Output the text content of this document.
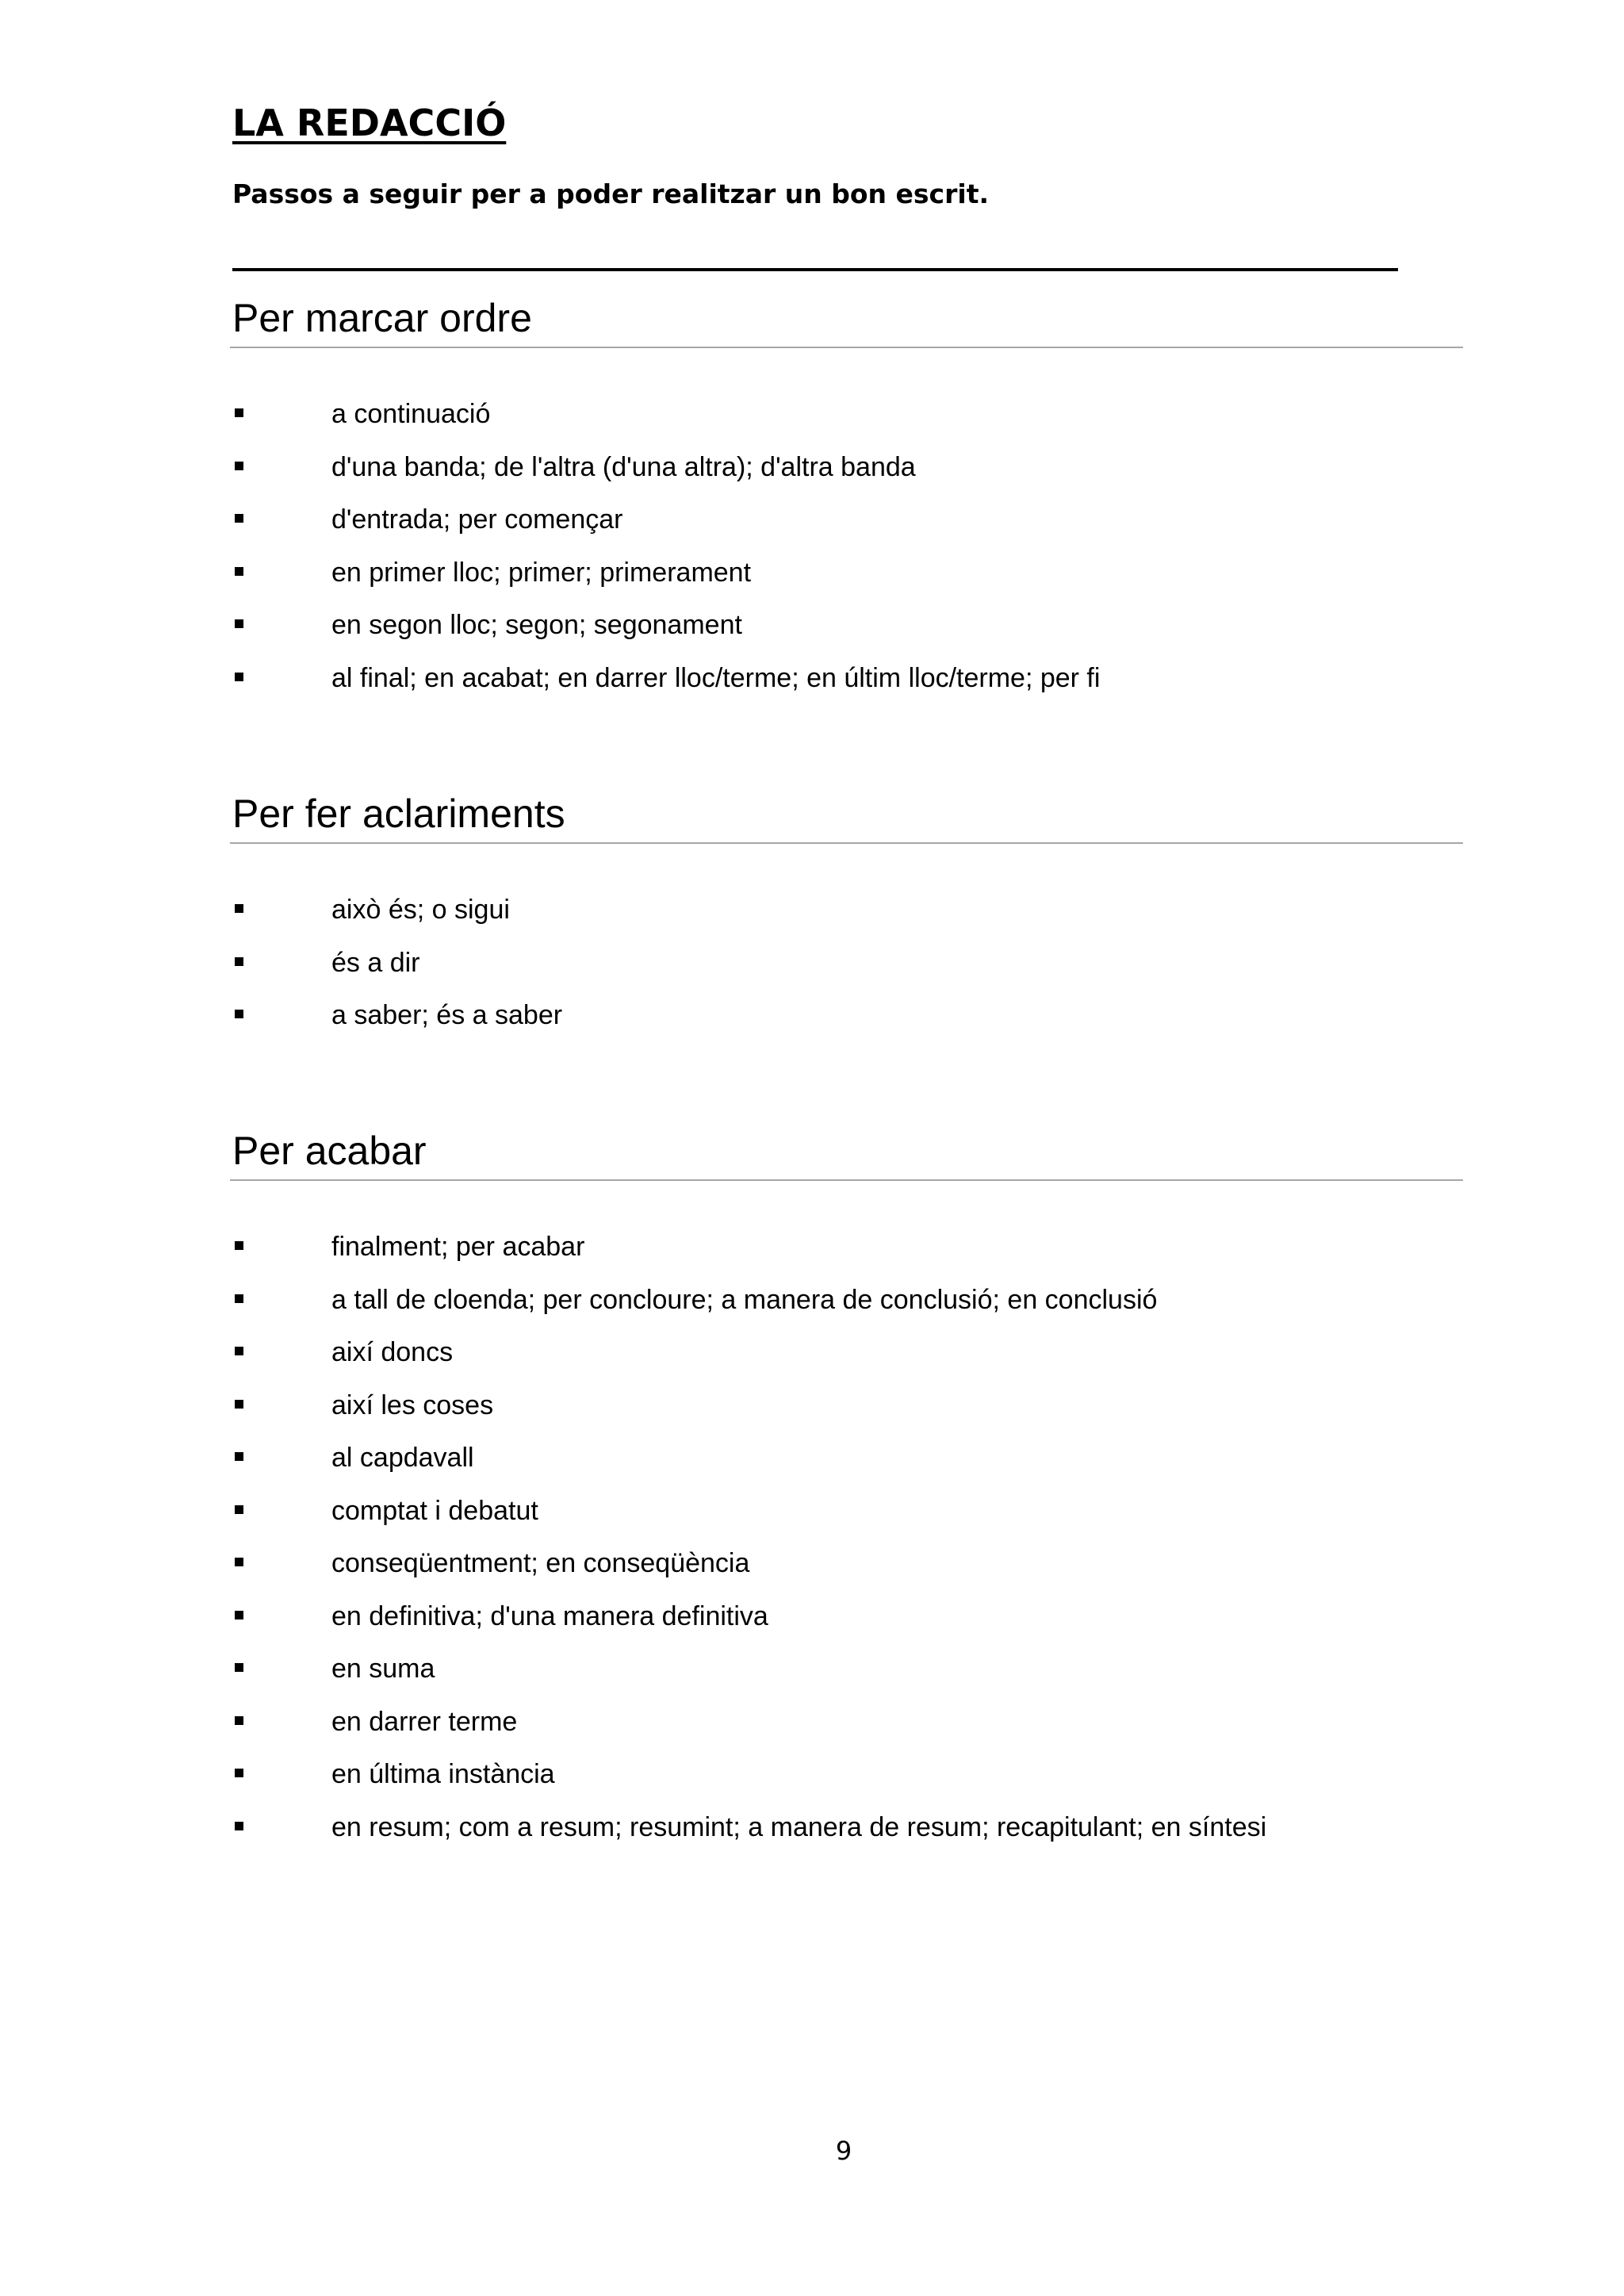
LA REDACCIÓ

Passos a seguir per a poder realitzar un bon escrit.

Per marcar ordre
a continuació
d'una banda; de l'altra (d'una altra); d'altra banda
d'entrada; per començar
en primer lloc; primer; primerament
en segon lloc; segon; segonament
al final; en acabat; en darrer lloc/terme; en últim lloc/terme; per fi
Per fer aclariments
això és; o sigui
és a dir
a saber; és a saber
Per acabar
finalment; per acabar
a tall de cloenda; per concloure; a manera de conclusió; en conclusió
així doncs
així les coses
al capdavall
comptat i debatut
conseqüentment; en conseqüència
en definitiva; d'una manera definitiva
en suma
en darrer terme
en última instància
en resum; com a resum; resumint; a manera de resum; recapitulant; en síntesi
9
